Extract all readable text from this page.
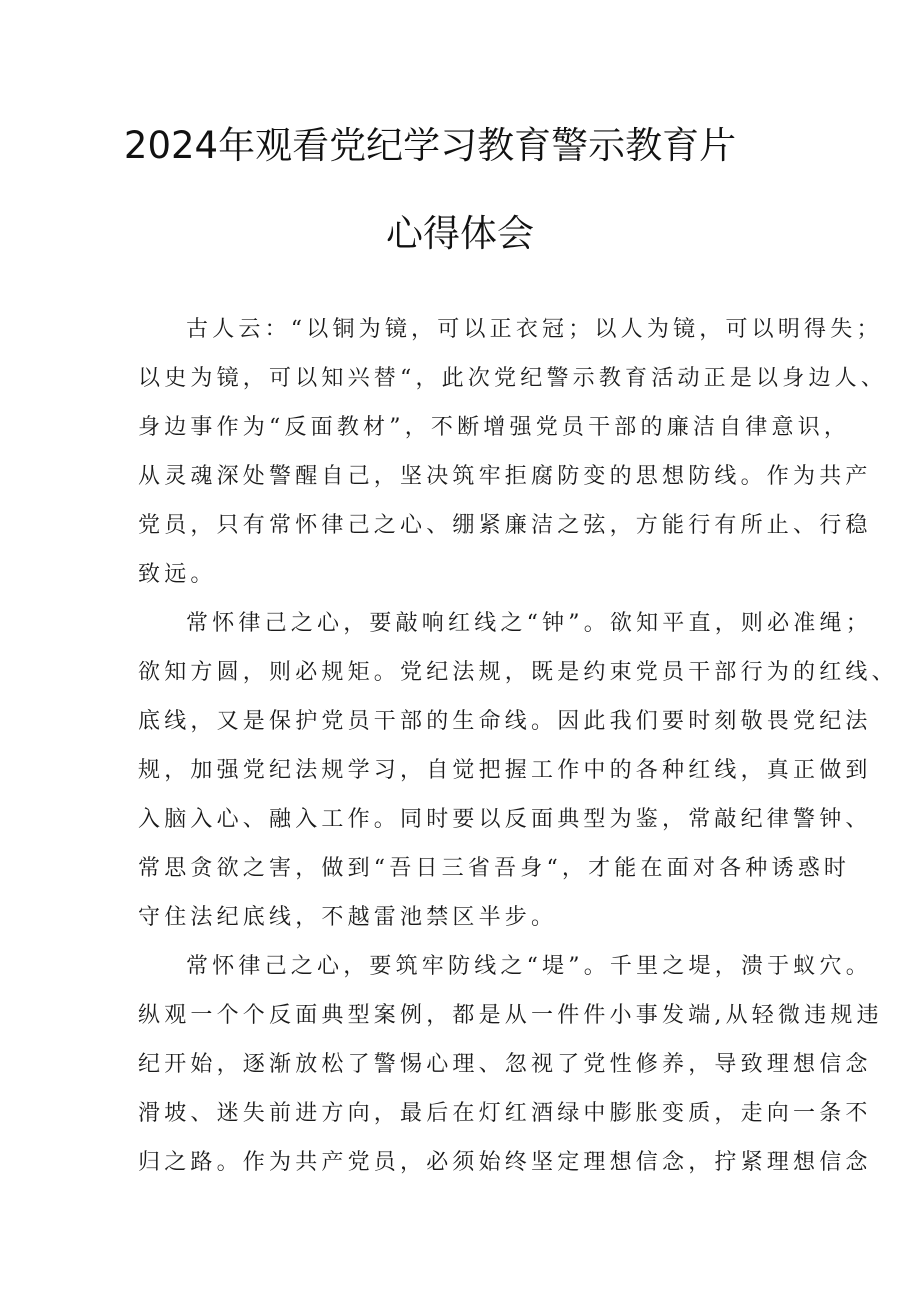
2024年观看党纪学习教育警示教育片
心得体会
古人云：“以铜为镜，可以正衣冠；以人为镜，可以明得失；
以史为镜，可以知兴替“，此次党纪警示教育活动正是以身边人、
身边事作为“反面教材”，不断增强党员干部的廉洁自律意识，
从灵魂深处警醒自己，坚决筑牢拒腐防变的思想防线。作为共产
党员，只有常怀律己之心、绷紧廉洁之弦，方能行有所止、行稳
致远。
常怀律己之心，要敲响红线之“钟”。欲知平直，则必准绳；
欲知方圆，则必规矩。党纪法规，既是约束党员干部行为的红线、
底线，又是保护党员干部的生命线。因此我们要时刻敬畏党纪法
规，加强党纪法规学习，自觉把握工作中的各种红线，真正做到
入脑入心、融入工作。同时要以反面典型为鉴，常敲纪律警钟、
常思贪欲之害，做到“吾日三省吾身“，才能在面对各种诱惑时
守住法纪底线，不越雷池禁区半步。
常怀律己之心，要筑牢防线之“堤”。千里之堤，溃于蚁穴。
纵观一个个反面典型案例，都是从一件件小事发端,从轻微违规违
纪开始，逐渐放松了警惕心理、忽视了党性修养，导致理想信念
滑坡、迷失前进方向，最后在灯红酒绿中膨胀变质，走向一条不
归之路。作为共产党员，必须始终坚定理想信念，拧紧理想信念
